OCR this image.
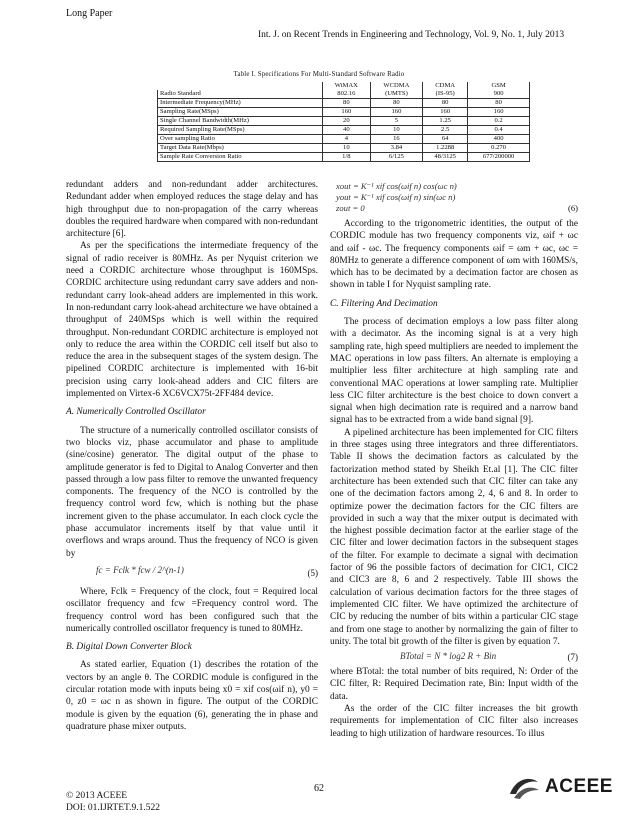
Long Paper
Int. J. on Recent Trends in Engineering and Technology, Vol. 9, No. 1, July 2013
Table I. Specifications For Multi-Standard Software Radio
	WiMAX	WCDMA	CDMA	GSM
Radio Standard	802.16	(UMTS)	(IS-95)	900
Intermediate Frequency(MHz)	80	80	80	80
Sampling Rate(MSps)	160	160	160	160
Single Channel Bandwidth(MHz)	20	5	1.25	0.2
Required Sampling Rate(MSps)	40	10	2.5	0.4
Over sampling Ratio	4	16	64	400
Target Data Rate(Mbps)	10	3.84	1.2288	0.270
Sample Rate Conversion Ratio	1/8	6/125	48/3125	677/200000

redundant adders and non-redundant adder architectures. Redundant adder when employed reduces the stage delay and has high throughput due to non-propagation of the carry whereas doubles the required hardware when compared with non-redundant architecture [6].

As per the specifications the intermediate frequency of the signal of radio receiver is 80MHz. As per Nyquist criterion we need a CORDIC architecture whose throughput is 160MSps. CORDIC architecture using redundant carry save adders and non-redundant carry look-ahead adders are implemented in this work. In non-redundant carry look-ahead architecture we have obtained a throughput of 240MSps which is well within the required throughput. Non-redundant CORDIC architecture is employed not only to reduce the area within the CORDIC cell itself but also to reduce the area in the subsequent stages of the system design. The pipelined CORDIC architecture is implemented with 16-bit precision using carry look-ahead adders and CIC filters are implemented on Virtex-6 XC6VCX75t-2FF484 device.

A. Numerically Controlled Oscillator

The structure of a numerically controlled oscillator consists of two blocks viz, phase accumulator and phase to amplitude (sine/cosine) generator. The digital output of the phase to amplitude generator is fed to Digital to Analog Converter and then passed through a low pass filter to remove the unwanted frequency components. The frequency of the NCO is controlled by the frequency control word fcw, which is nothing but the phase increment given to the phase accumulator. In each clock cycle the phase accumulator increments itself by that value until it overflows and wraps around. Thus the frequency of NCO is given by

fc = Fclk * fcw / 2^(n-1)	(5)

Where, Fclk = Frequency of the clock, fout = Required local oscillator frequency and fcw =Frequency control word. The frequency control word has been configured such that the numerically controlled oscillator frequency is tuned to 80MHz.

B. Digital Down Converter Block

As stated earlier, Equation (1) describes the rotation of the vectors by an angle θ. The CORDIC module is configured in the circular rotation mode with inputs being x0 = xif cos(ωif n), y0 = 0, z0 = ωc n as shown in figure. The output of the CORDIC module is given by the equation (6), generating the in phase and quadrature phase mixer outputs.

xout = K⁻¹ xif cos(ωif n) cos(ωc n)
yout = K⁻¹ xif cos(ωif n) sin(ωc n)
zout = 0	(6)

According to the trigonometric identities, the output of the CORDIC module has two frequency components viz, ωif + ωc and ωif - ωc. The frequency components ωif = ωm + ωc, ωc = 80MHz to generate a difference component of ωm with 160MS/s, which has to be decimated by a decimation factor are chosen as shown in table I for Nyquist sampling rate.

C. Filtering And Decimation

The process of decimation employs a low pass filter along with a decimator. As the incoming signal is at a very high sampling rate, high speed multipliers are needed to implement the MAC operations in low pass filters. An alternate is employing a multiplier less filter architecture at high sampling rate and conventional MAC operations at lower sampling rate. Multiplier less CIC filter architecture is the best choice to down convert a signal when high decimation rate is required and a narrow band signal has to be extracted from a wide band signal [9].

A pipelined architecture has been implemented for CIC filters in three stages using three integrators and three differentiators. Table II shows the decimation factors as calculated by the factorization method stated by Sheikh Et.al [1]. The CIC filter architecture has been extended such that CIC filter can take any one of the decimation factors among 2, 4, 6 and 8. In order to optimize power the decimation factors for the CIC filters are provided in such a way that the mixer output is decimated with the highest possible decimation factor at the earlier stage of the CIC filter and lower decimation factors in the subsequent stages of the filter. For example to decimate a signal with decimation factor of 96 the possible factors of decimation for CIC1, CIC2 and CIC3 are 8, 6 and 2 respectively. Table III shows the calculation of various decimation factors for the three stages of implemented CIC filter. We have optimized the architecture of CIC by reducing the number of bits within a particular CIC stage and from one stage to another by normalizing the gain of filter to unity. The total bit growth of the filter is given by equation 7.

BTotal = N * log2 R + Bin	(7)

where BTotal: the total number of bits required, N: Order of the CIC filter, R: Required Decimation rate, Bin: Input width of the data.

As the order of the CIC filter increases the bit growth requirements for implementation of CIC filter also increases leading to high utilization of hardware resources. To illus

62
© 2013 ACEEE
DOI: 01.IJRTET.9.1.522
ACEEE
